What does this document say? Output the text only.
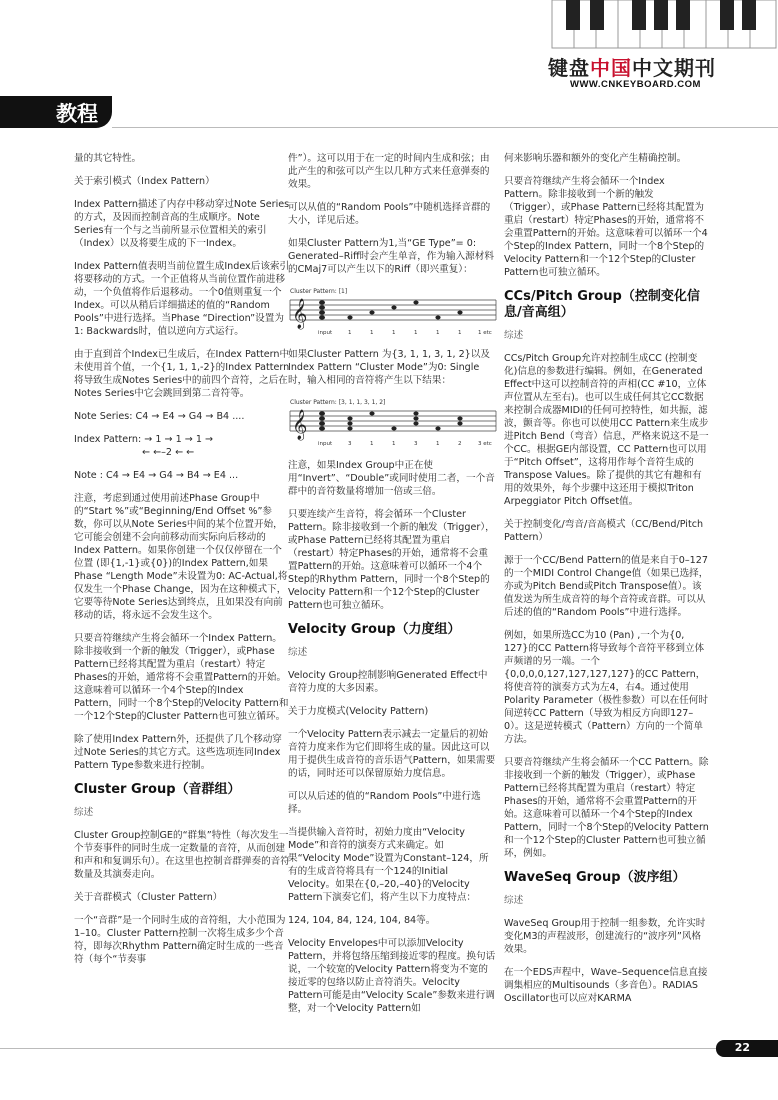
键盘中国中文期刊
WWW.CNKEYBOARD.COM
教程

量的其它特性。

关于索引模式（Index Pattern）

Index Pattern描述了内存中移动穿过Note Series的方式，及因而控制音高的生成顺序。Note Series有一个与之当前所显示位置相关的索引（Index）以及将要生成的下一Index。

Index Pattern值表明当前位置生成Index后该索引将要移动的方式。一个正值将从当前位置作前进移动，一个负值将作后退移动。一个0值则重复一个Index。可以从稍后详细描述的值的“Random Pools”中进行选择。当Phase “Direction”设置为1: Backwards时，值以逆向方式运行。

由于直到首个Index已生成后，在Index Pattern中未使用首个值，一个{1, 1, 1,-2}的Index Pattern将导致生成Notes Series中的前四个音符，之后在Notes Series中它会跳回到第二音符等。

Note Series: C4 → E4 → G4 → B4 ....

Index Pattern: → 1 → 1 → 1 →

← ←–2 ← ←

Note : C4 → E4 → G4 → B4 → E4 ...

注意，考虑到通过使用前述Phase Group中的“Start %”或“Beginning/End Offset %”参数，你可以从Note Series中间的某个位置开始，它可能会创建不会向前移动而实际向后移动的Index Pattern。如果你创建一个仅仅停留在一个位置 (即{1,-1}或{0})的Index Pattern,如果Phase “Length Mode”未设置为0: AC-Actual,将仅发生一个Phase Change，因为在这种模式下，它要等待Note Series达到终点，且如果没有向前移动的话，将永远不会发生这个。

只要音符继续产生将会循环一个Index Pattern。除非接收到一个新的触发（Trigger），或Phase Pattern已经将其配置为重启（restart）特定Phases的开始，通常将不会重置Pattern的开始。这意味着可以循环一个4个Step的Index Pattern，同时一个8个Step的Velocity Pattern和一个12个Step的Cluster Pattern也可独立循环。

除了使用Index Pattern外，还提供了几个移动穿过Note Series的其它方式。这些选项连同Index Pattern Type参数来进行控制。

Cluster Group（音群组）

综述

Cluster Group控制GE的“群集”特性（每次发生一个节奏事件的同时生成一定数量的音符，从而创建和声和和复调乐句）。在这里也控制音群弹奏的音符数量及其演奏走向。

关于音群模式（Cluster Pattern）

一个“音群”是一个同时生成的音符组，大小范围为1–10。Cluster Pattern控制一次将生成多少个音符，即每次Rhythm Pattern确定时生成的一些音符（每个“节奏事

件”）。这可以用于在一定的时间内生成和弦；由此产生的和弦可以产生以几种方式来任意弹奏的效果。

可以从值的“Random Pools”中随机选择音群的大小，详见后述。

如果Cluster Pattern为1,当“GE Type”= 0: Generated–Riff时会产生单音，作为输入源材料的CMaj7可以产生以下的Riff（即兴重复）：

Cluster Pattern: [1]
𝄞
input	1	1	1	1	1	1	1 etc

如果Cluster Pattern 为{3, 1, 1, 3, 1, 2}以及Index Pattern “Cluster Mode”为0: Single时，输入相同的音符将产生以下结果：

Cluster Pattern: [3, 1, 1, 3, 1, 2]
𝄞
input	3	1	1	3	1	2	3 etc

注意，如果Index Group中正在使用“Invert”、“Double”或同时使用二者，一个音群中的音符数量将增加一倍或三倍。

只要连续产生音符，将会循环一个Cluster Pattern。除非接收到一个新的触发（Trigger），或Phase Pattern已经将其配置为重启（restart）特定Phases的开始，通常将不会重置Pattern的开始。这意味着可以循环一个4个Step的Rhythm Pattern，同时一个8个Step的Velocity Pattern和一个12个Step的Cluster Pattern也可独立循环。

Velocity Group（力度组）

综述

Velocity Group控制影响Generated Effect中音符力度的大多因素。

关于力度模式(Velocity Pattern)

一个Velocity Pattern表示减去一定量后的初始音符力度来作为它们即将生成的量。因此这可以用于提供生成音符的音乐语气Pattern，如果需要的话，同时还可以保留原始力度信息。

可以从后述的值的“Random Pools”中进行选择。

当提供输入音符时，初始力度由“Velocity Mode”和音符的演奏方式来确定。如果“Velocity Mode”设置为Constant–124，所有的生成音符将具有一个124的Initial Velocity。如果在{0,–20,–40}的Velocity Pattern下演奏它们，将产生以下力度特点：

124, 104, 84, 124, 104, 84等。

Velocity Envelopes中可以添加Velocity Pattern，并将包络压缩到接近零的程度。换句话说，一个较宽的Velocity Pattern将变为不宽的接近零的包络以防止音符消失。Velocity Pattern可能是由“Velocity Scale”参数来进行调整，对一个Velocity Pattern如

何来影响乐器和额外的变化产生精确控制。

只要音符继续产生将会循环一个Index Pattern。除非接收到一个新的触发（Trigger），或Phase Pattern已经将其配置为重启（restart）特定Phases的开始，通常将不会重置Pattern的开始。这意味着可以循环一个4个Step的Index Pattern，同时一个8个Step的Velocity Pattern和一个12个Step的Cluster Pattern也可独立循环。

CCs/Pitch Group（控制变化信息/音高组）

综述

CCs/Pitch Group允许对控制生成CC (控制变化)信息的参数进行编辑。例如，在Generated Effect中这可以控制音符的声相(CC #10，立体声位置从左至右)。也可以生成任何其它CC数据来控制合成器MIDI的任何可控特性，如共振，滤波，颤音等。你也可以使用CC Pattern来生成步进Pitch Bend（弯音）信息，严格来说这不是一个CC。根据GE内部设置，CC Pattern也可以用于“Pitch Offset”，这将用作每个音符生成的Transpose Values。除了提供的其它有趣和有用的效果外，每个步骤中这还用于模拟Triton Arpeggiator Pitch Offset值。

关于控制变化/弯音/音高模式（CC/Bend/Pitch Pattern）

源于一个CC/Bend Pattern的值是来自于0–127的一个MIDI Control Change值（如果已选择，亦或为Pitch Bend或Pitch Transpose值）。该值发送为所生成音符的每个音符或音群。可以从后述的值的“Random Pools”中进行选择。

例如，如果所选CC为10 (Pan) ,一个为{0, 127}的CC Pattern将导致每个音符平移到立体声频谱的另一端。一个{0,0,0,0,127,127,127,127}的CC Pattern，将使音符的演奏方式为左4，右4。通过使用Polarity Parameter（极性参数）可以在任何时间逆转CC Pattern（导致为相反方向即127–0）。这是逆转模式（Pattern）方向的一个简单方法。

只要音符继续产生将会循环一个CC Pattern。除非接收到一个新的触发（Trigger），或Phase Pattern已经将其配置为重启（restart）特定Phases的开始，通常将不会重置Pattern的开始。这意味着可以循环一个4个Step的Index Pattern，同时一个8个Step的Velocity Pattern和一个12个Step的Cluster Pattern也可独立循环，例如。

WaveSeq Group（波序组）

综述

WaveSeq Group用于控制一组参数，允许实时变化M3的声程波形，创建流行的“波序列”风格效果。

在一个EDS声程中，Wave–Sequence信息直接调集相应的Multisounds（多音色）。RADIAS Oscillator也可以应对KARMA

22
